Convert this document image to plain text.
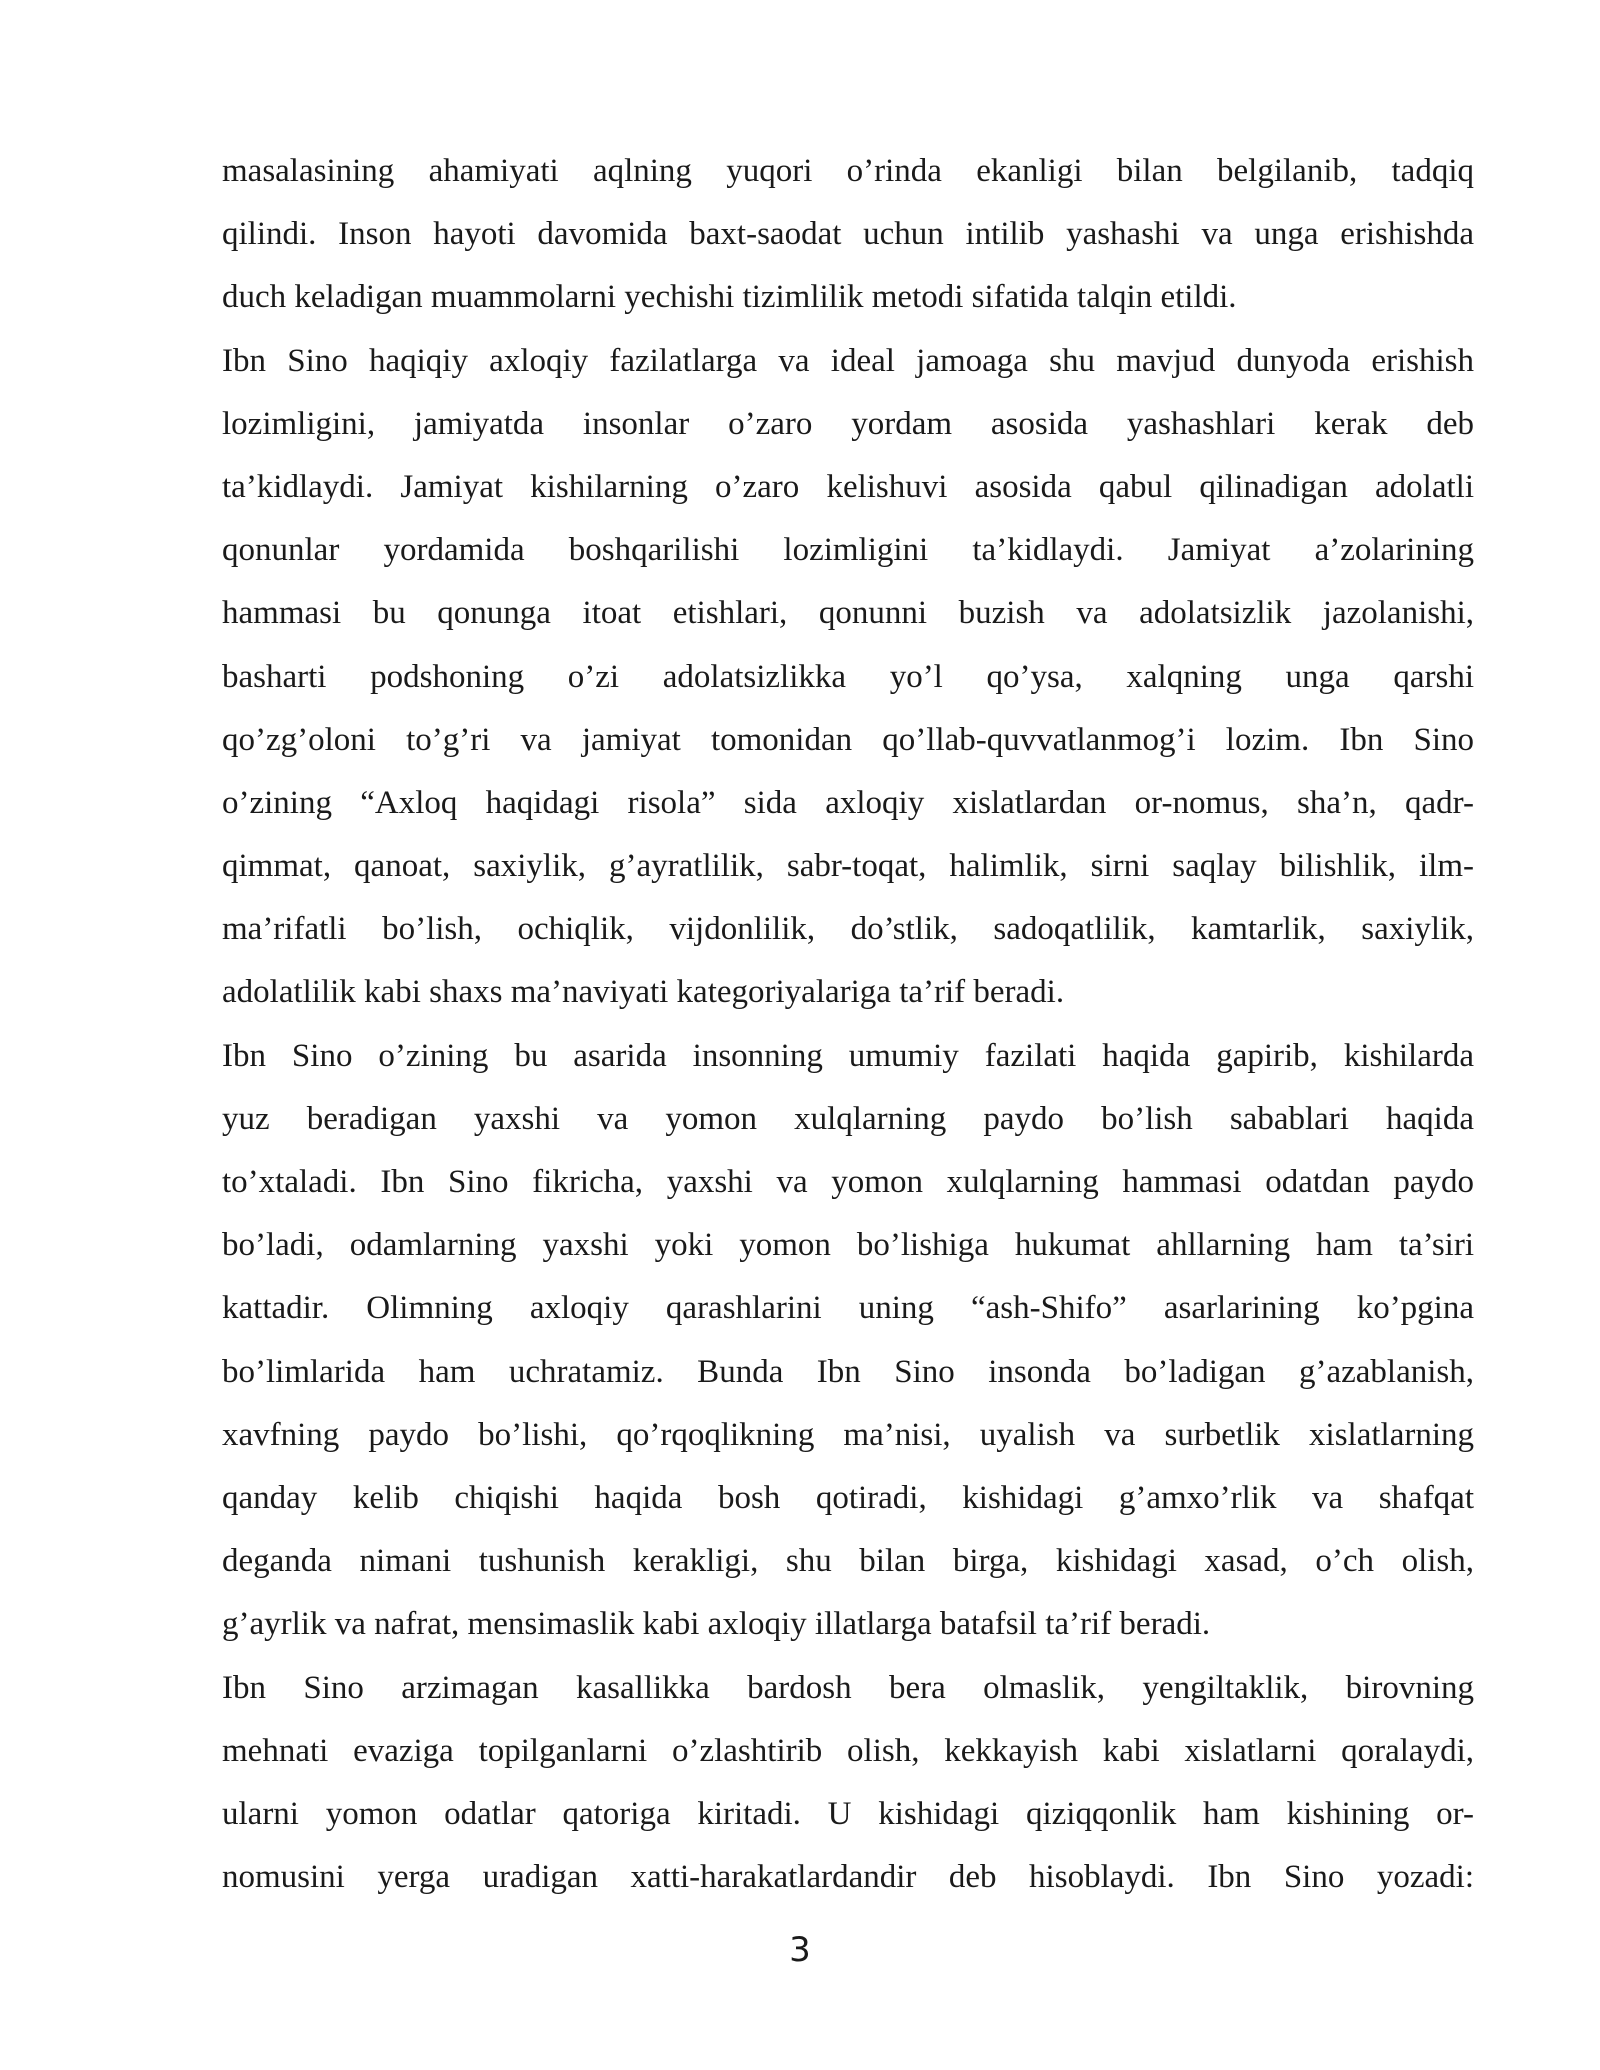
masalasining ahamiyati aqlning yuqori o’rinda ekanligi bilan belgilanib, tadqiq
qilindi. Inson hayoti davomida baxt-saodat uchun intilib yashashi va unga erishishda
duch keladigan muammolarni yechishi tizimlilik metodi sifatida talqin etildi.
Ibn Sino haqiqiy axloqiy fazilatlarga va ideal jamoaga shu mavjud dunyoda erishish
lozimligini, jamiyatda insonlar o’zaro yordam asosida yashashlari kerak deb
ta’kidlaydi. Jamiyat kishilarning o’zaro kelishuvi asosida qabul qilinadigan adolatli
qonunlar yordamida boshqarilishi lozimligini ta’kidlaydi. Jamiyat a’zolarining
hammasi bu qonunga itoat etishlari, qonunni buzish va adolatsizlik jazolanishi,
basharti podshoning o’zi adolatsizlikka yo’l qo’ysa, xalqning unga qarshi
qo’zg’oloni to’g’ri va jamiyat tomonidan qo’llab-quvvatlanmog’i lozim. Ibn Sino
o’zining “Axloq haqidagi risola” sida axloqiy xislatlardan or-nomus, sha’n, qadr-
qimmat, qanoat, saxiylik, g’ayratlilik, sabr-toqat, halimlik, sirni saqlay bilishlik, ilm-
ma’rifatli bo’lish, ochiqlik, vijdonlilik, do’stlik, sadoqatlilik, kamtarlik, saxiylik,
adolatlilik kabi shaxs ma’naviyati kategoriyalariga ta’rif beradi.
Ibn Sino o’zining bu asarida insonning umumiy fazilati haqida gapirib, kishilarda
yuz beradigan yaxshi va yomon xulqlarning paydo bo’lish sabablari haqida
to’xtaladi. Ibn Sino fikricha, yaxshi va yomon xulqlarning hammasi odatdan paydo
bo’ladi, odamlarning yaxshi yoki yomon bo’lishiga hukumat ahllarning ham ta’siri
kattadir. Olimning axloqiy qarashlarini uning “ash-Shifo” asarlarining ko’pgina
bo’limlarida ham uchratamiz. Bunda Ibn Sino insonda bo’ladigan g’azablanish,
xavfning paydo bo’lishi, qo’rqoqlikning ma’nisi, uyalish va surbetlik xislatlarning
qanday kelib chiqishi haqida bosh qotiradi, kishidagi g’amxo’rlik va shafqat
deganda nimani tushunish kerakligi, shu bilan birga, kishidagi xasad, o’ch olish,
g’ayrlik va nafrat, mensimaslik kabi axloqiy illatlarga batafsil ta’rif beradi.
Ibn Sino arzimagan kasallikka bardosh bera olmaslik, yengiltaklik, birovning
mehnati evaziga topilganlarni o’zlashtirib olish, kekkayish kabi xislatlarni qoralaydi,
ularni yomon odatlar qatoriga kiritadi. U kishidagi qiziqqonlik ham kishining or-
nomusini yerga uradigan xatti-harakatlardandir deb hisoblaydi. Ibn Sino yozadi:
3
